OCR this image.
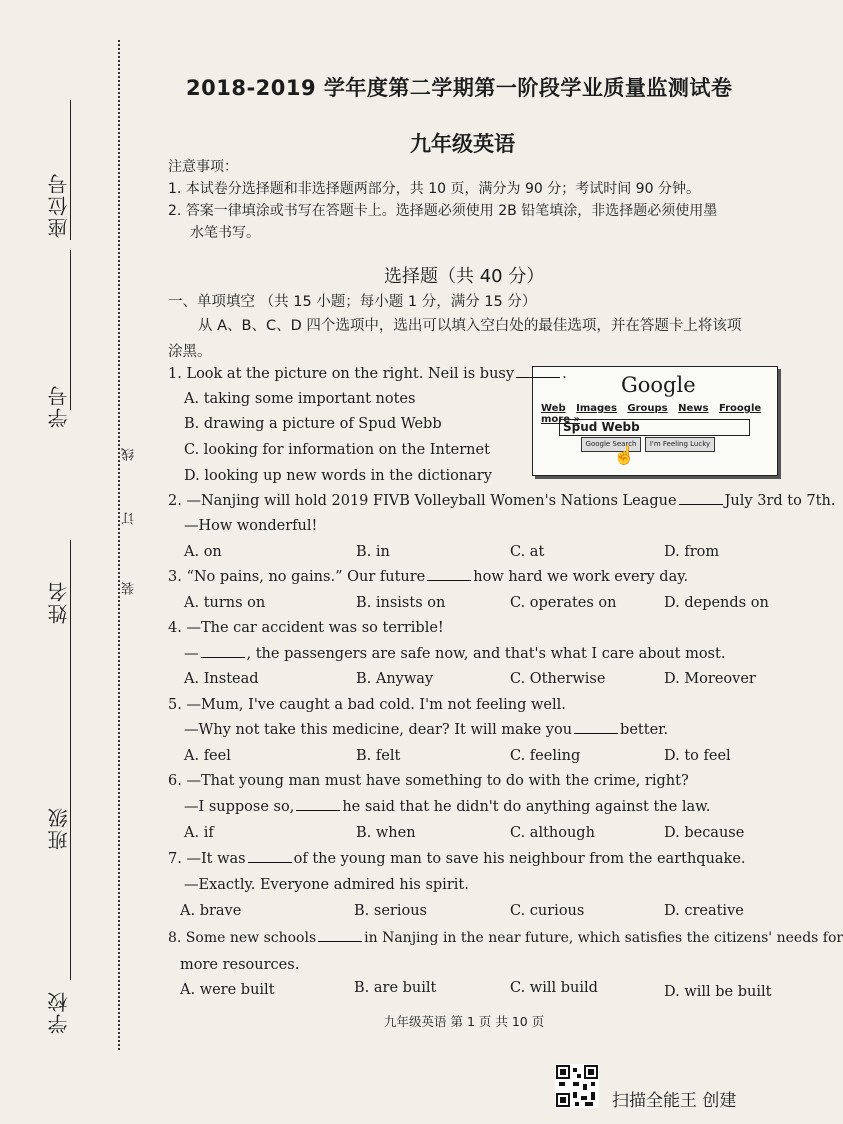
座位号
学号
姓名
班级
学校
线
订
装
2018-2019 学年度第二学期第一阶段学业质量监测试卷
九年级英语
注意事项：
1. 本试卷分选择题和非选择题两部分，共 10 页，满分为 90 分；考试时间 90 分钟。
2. 答案一律填涂或书写在答题卡上。选择题必须使用 2B 铅笔填涂，非选择题必须使用墨
水笔书写。
选择题（共 40 分）
一、单项填空 （共 15 小题；每小题 1 分，满分 15 分）
从 A、B、C、D 四个选项中，选出可以填入空白处的最佳选项，并在答题卡上将该项
涂黑。
Google
Web Images Groups News Froogle more »
Spud Webb
Google Search	I'm Feeling Lucky
☝
1. Look at the picture on the right. Neil is busy	.
A. taking some important notes
B. drawing a picture of Spud Webb
C. looking for information on the Internet
D. looking up new words in the dictionary
2. —Nanjing will hold 2019 FIVB Volleyball Women's Nations League	July 3rd to 7th.
—How wonderful!
A. on	B. in	C. at	D. from
3. “No pains, no gains.” Our future	how hard we work every day.
A. turns on	B. insists on	C. operates on	D. depends on
4. —The car accident was so terrible!
—	, the passengers are safe now, and that's what I care about most.
A. Instead	B. Anyway	C. Otherwise	D. Moreover
5. —Mum, I've caught a bad cold. I'm not feeling well.
—Why not take this medicine, dear? It will make you	better.
A. feel	B. felt	C. feeling	D. to feel
6. —That young man must have something to do with the crime, right?
—I suppose so,	he said that he didn't do anything against the law.
A. if	B. when	C. although	D. because
7. —It was	of the young man to save his neighbour from the earthquake.
—Exactly. Everyone admired his spirit.
A. brave	B. serious	C. curious	D. creative
8. Some new schools	in Nanjing in the near future, which satisfies the citizens' needs for
more resources.
A. were built	B. are built	C. will build	D. will be built
九年级英语 第 1 页 共 10 页
扫描全能王 创建
